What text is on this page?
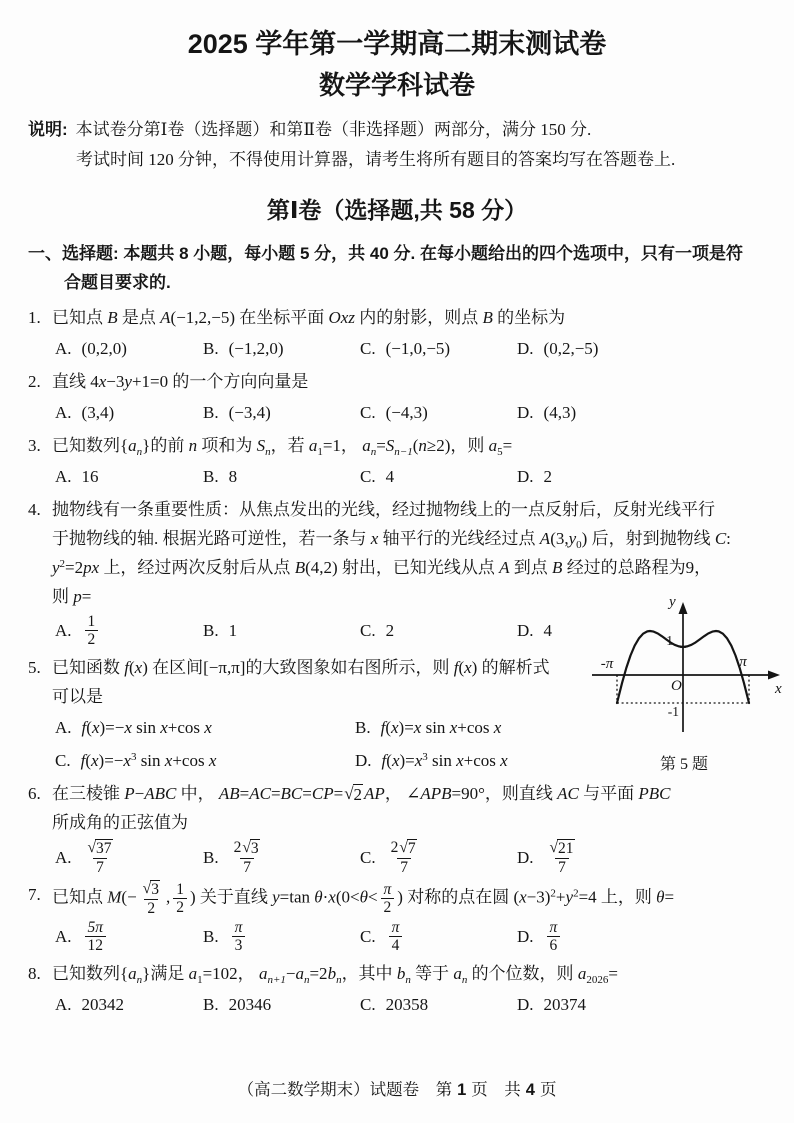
2025 学年第一学期高二期末测试卷
数学学科试卷
说明: 本试卷分第Ⅰ卷（选择题）和第Ⅱ卷（非选择题）两部分，满分 150 分.
考试时间 120 分钟，不得使用计算器，请考生将所有题目的答案均写在答题卷上.
第Ⅰ卷（选择题,共 58 分）
一、选择题: 本题共 8 小题，每小题 5 分，共 40 分. 在每小题给出的四个选项中，只有一项是符
合题目要求的.
1. 已知点 B 是点 A(−1,2,−5) 在坐标平面 Oxz 内的射影，则点 B 的坐标为
A. (0,2,0)	B. (−1,2,0)	C. (−1,0,−5)	D. (0,2,−5)
2. 直线 4x−3y+1=0 的一个方向向量是
A. (3,4)	B. (−3,4)	C. (−4,3)	D. (4,3)
3. 已知数列$\{a_n\}$的前 n 项和为 $S_n$，若 $a_1=1$， $a_n=S_{n-1}(n\ge 2)$，则 $a_5=$
A. 16	B. 8	C. 4	D. 2
4. 抛物线有一条重要性质：从焦点发出的光线，经过抛物线上的一点反射后，反射光线平行
于抛物线的轴. 根据光路可逆性，若一条与 x 轴平行的光线经过点 $A(3,y_0)$ 后，射到抛物线 C:
$y^2=2px$ 上，经过两次反射后从点 B(4,2) 射出，已知光线从点 A 到点 B 经过的总路程为9，
则 p=
A. $\frac{1}{2}$	B. 1	C. 2	D. 4
5. 已知函数 f(x) 在区间[−π,π]的大致图象如右图所示，则 f(x) 的解析式
可以是
A. f(x)=−x sin x+cos x	B. f(x)=x sin x+cos x
C. $f(x)=-x^3$ sin x+cos x	D. $f(x)=x^3$ sin x+cos x
6. 在三棱锥 P−ABC 中， AB=AC=BC=CP= √ 2 AP， ∠APB=90°，则直线 AC 与平面 PBC
所成角的正弦值为
A. $\frac{√ 37}{7}$	B. $\frac{2 √ 3}{7}$	C. $\frac{2 √ 7}{7}$	D. $\frac{√ 21}{7}$
7. 已知点 $M(- \frac{√ 3}{2}$ , $\frac{1}{2}$ ) 关于直线 y=tan $\theta\cdot x(0<\theta< \frac{\pi}{2}$ ) 对称的点在圆 $(x-3)^2+y^2=4$ 上，则 θ=
A. $\frac{5\pi}{12}$	B. $\frac{\pi}{3}$	C. $\frac{\pi}{4}$	D. $\frac{\pi}{6}$
8. 已知数列$\{a_n\}$满足 $a_1=102$， $a_{n+1}-a_n=2b_n$，其中 $b_n$ 等于 $a_n$ 的个位数，则 $a_{2026}=$
A. 20342	B. 20346	C. 20358	D. 20374
y
x
O
1
-1
-π	π
第 5 题
（高二数学期末）试题卷　第 1 页　共 4 页
